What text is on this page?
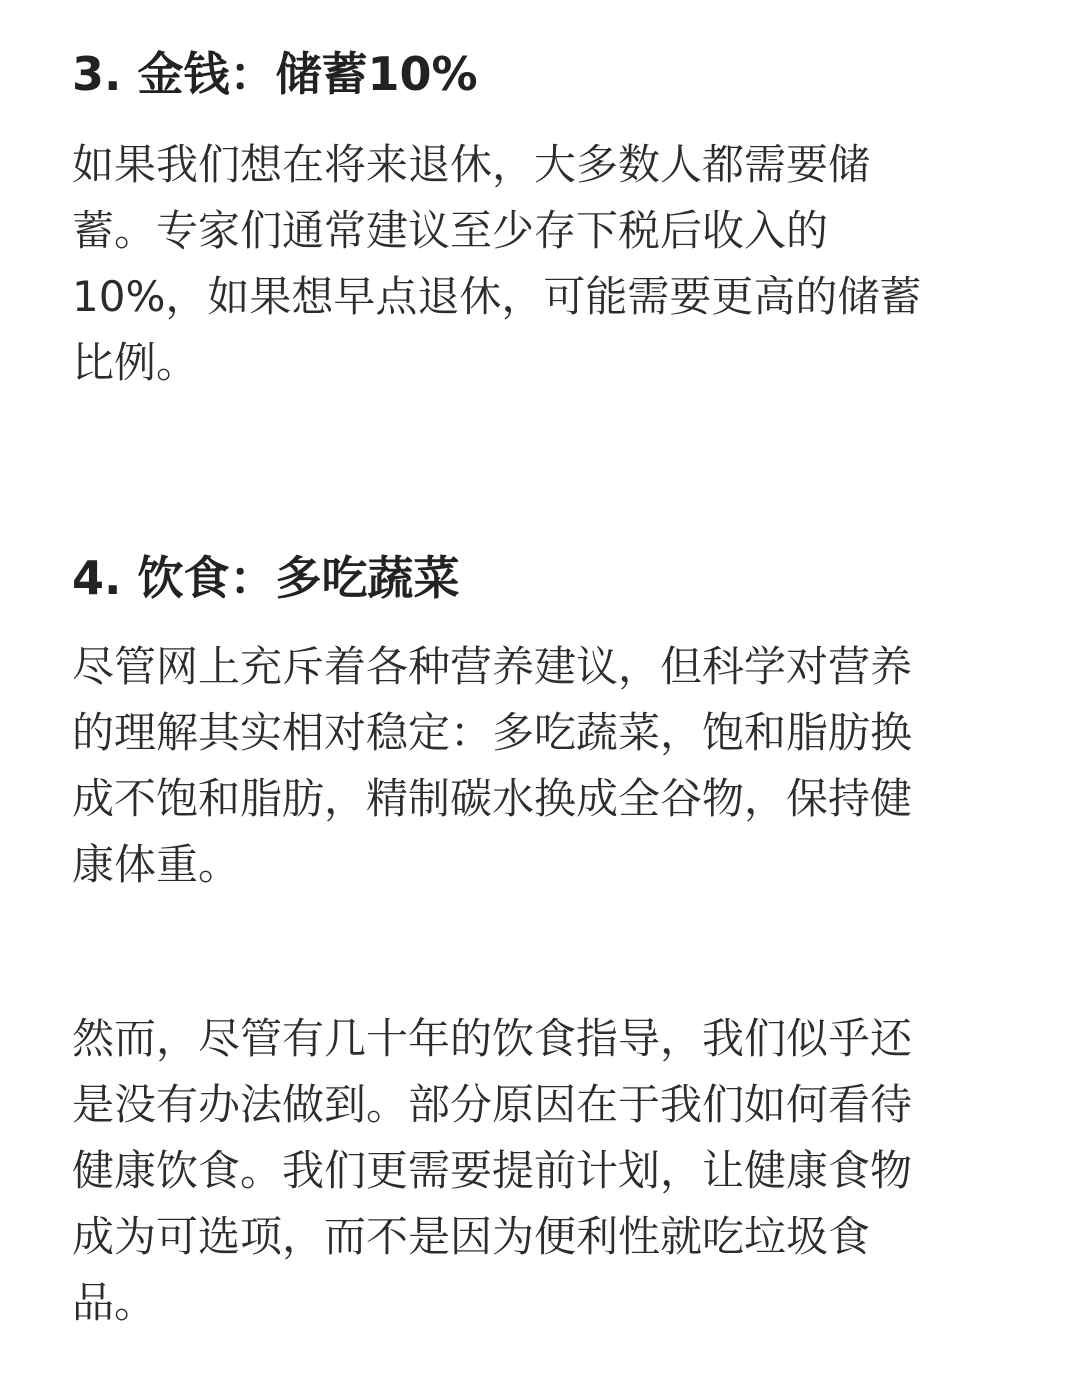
3. 金钱：储蓄10%

如果我们想在将来退休，大多数人都需要储
蓄。专家们通常建议至少存下税后收入的
10%，如果想早点退休，可能需要更高的储蓄
比例。

4. 饮食：多吃蔬菜

尽管网上充斥着各种营养建议，但科学对营养
的理解其实相对稳定：多吃蔬菜，饱和脂肪换
成不饱和脂肪，精制碳水换成全谷物，保持健
康体重。

然而，尽管有几十年的饮食指导，我们似乎还
是没有办法做到。部分原因在于我们如何看待
健康饮食。我们更需要提前计划，让健康食物
成为可选项，而不是因为便利性就吃垃圾食
品。
